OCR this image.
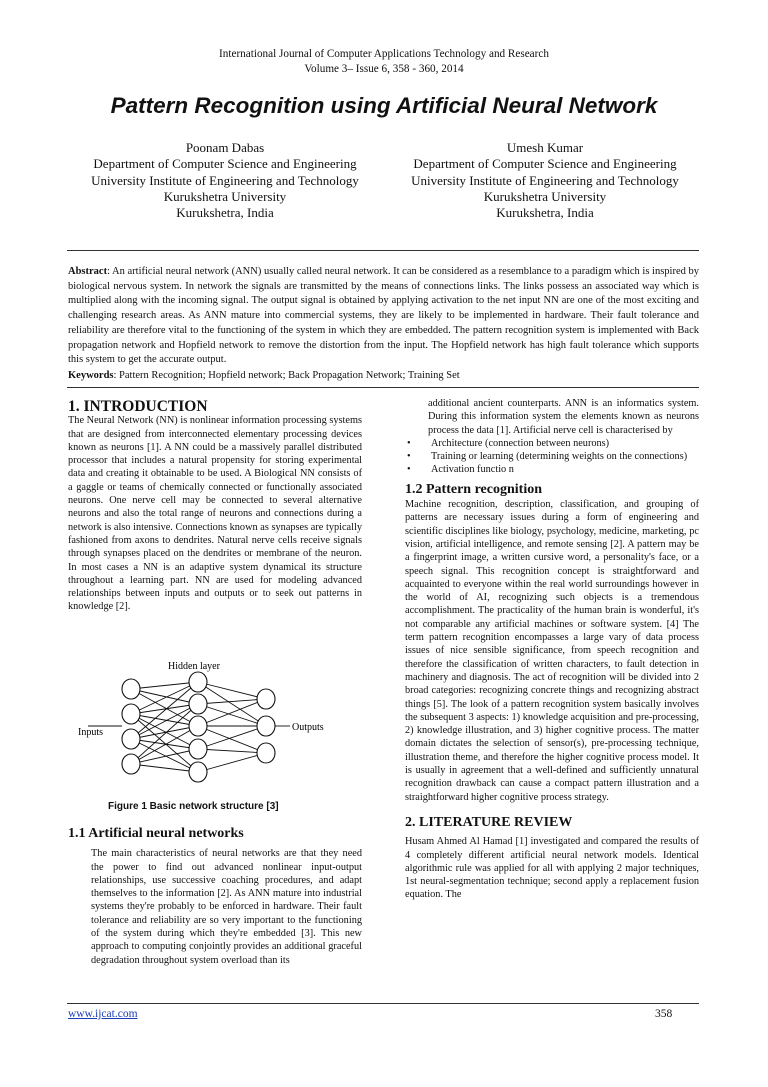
International Journal of Computer Applications Technology and Research
Volume 3– Issue 6, 358 - 360, 2014
Pattern Recognition using Artificial Neural Network
Poonam Dabas
Department of Computer Science and Engineering
University Institute of Engineering and Technology
Kurukshetra University
Kurukshetra, India
Umesh Kumar
Department of Computer Science and Engineering
University Institute of Engineering and Technology
Kurukshetra University
Kurukshetra, India
Abstract: An artificial neural network (ANN) usually called neural network. It can be considered as a resemblance to a paradigm which is inspired by biological nervous system. In network the signals are transmitted by the means of connections links. The links possess an associated way which is multiplied along with the incoming signal. The output signal is obtained by applying activation to the net input NN are one of the most exciting and challenging research areas. As ANN mature into commercial systems, they are likely to be implemented in hardware. Their fault tolerance and reliability are therefore vital to the functioning of the system in which they are embedded. The pattern recognition system is implemented with Back propagation network and Hopfield network to remove the distortion from the input. The Hopfield network has high fault tolerance which supports this system to get the accurate output.
Keywords: Pattern Recognition; Hopfield network; Back Propagation Network; Training Set
1. INTRODUCTION

The Neural Network (NN) is nonlinear information processing systems that are designed from interconnected elementary processing devices known as neurons [1]. A NN could be a massively parallel distributed processor that includes a natural propensity for storing experimental data and creating it obtainable to be used. A Biological NN consists of a gaggle or teams of chemically connected or functionally associated neurons. One nerve cell may be connected to several alternative neurons and also the total range of neurons and connections during a network is also intensive. Connections known as synapses are typically fashioned from axons to dendrites. Natural nerve cells receive signals through synapses placed on the dendrites or membrane of the neuron. In most cases a NN is an adaptive system dynamical its structure throughout a learning part. NN are used for modeling advanced relationships between inputs and outputs or to seek out patterns in knowledge [2].

Hidden layer
Inputs	Outputs
Figure 1 Basic network structure [3]
1.1 Artificial neural networks

The main characteristics of neural networks are that they need the power to find out advanced nonlinear input-output relationships, use successive coaching procedures, and adapt themselves to the information [2]. As ANN mature into industrial systems they're probably to be enforced in hardware. Their fault tolerance and reliability are so very important to the functioning of the system during which they're embedded [3]. This new approach to computing conjointly provides an additional graceful degradation throughout system overload than its

additional ancient counterparts. ANN is an informatics system. During this information system the elements known as neurons process the data [1]. Artificial nerve cell is characterised by

•	Architecture (connection between neurons)
•	Training or learning (determining weights on the connections)
•	Activation functio n
1.2 Pattern recognition

Machine recognition, description, classification, and grouping of patterns are necessary issues during a form of engineering and scientific disciplines like biology, psychology, medicine, marketing, pc vision, artificial intelligence, and remote sensing [2]. A pattern may be a fingerprint image, a written cursive word, a personality's face, or a speech signal. This recognition concept is straightforward and acquainted to everyone within the real world surroundings however in the world of AI, recognizing such objects is a tremendous accomplishment. The practicality of the human brain is wonderful, it's not comparable any artificial machines or software system. [4] The term pattern recognition encompasses a large vary of data process issues of nice sensible significance, from speech recognition and therefore the classification of written characters, to fault detection in machinery and diagnosis. The act of recognition will be divided into 2 broad categories: recognizing concrete things and recognizing abstract things [5]. The look of a pattern recognition system basically involves the subsequent 3 aspects: 1) knowledge acquisition and pre-processing, 2) knowledge illustration, and 3) higher cognitive process. The matter domain dictates the selection of sensor(s), pre-processing technique, illustration theme, and therefore the higher cognitive process model. It is usually in agreement that a well-defined and sufficiently unnatural recognition drawback can cause a compact pattern illustration and a straightforward higher cognitive process strategy.

2. LITERATURE REVIEW

Husam Ahmed Al Hamad [1] investigated and compared the results of 4 completely different artificial neural network models. Identical algorithmic rule was applied for all with applying 2 major techniques, 1st neural-segmentation technique; second apply a replacement fusion equation. The

www.ijcat.com	358
